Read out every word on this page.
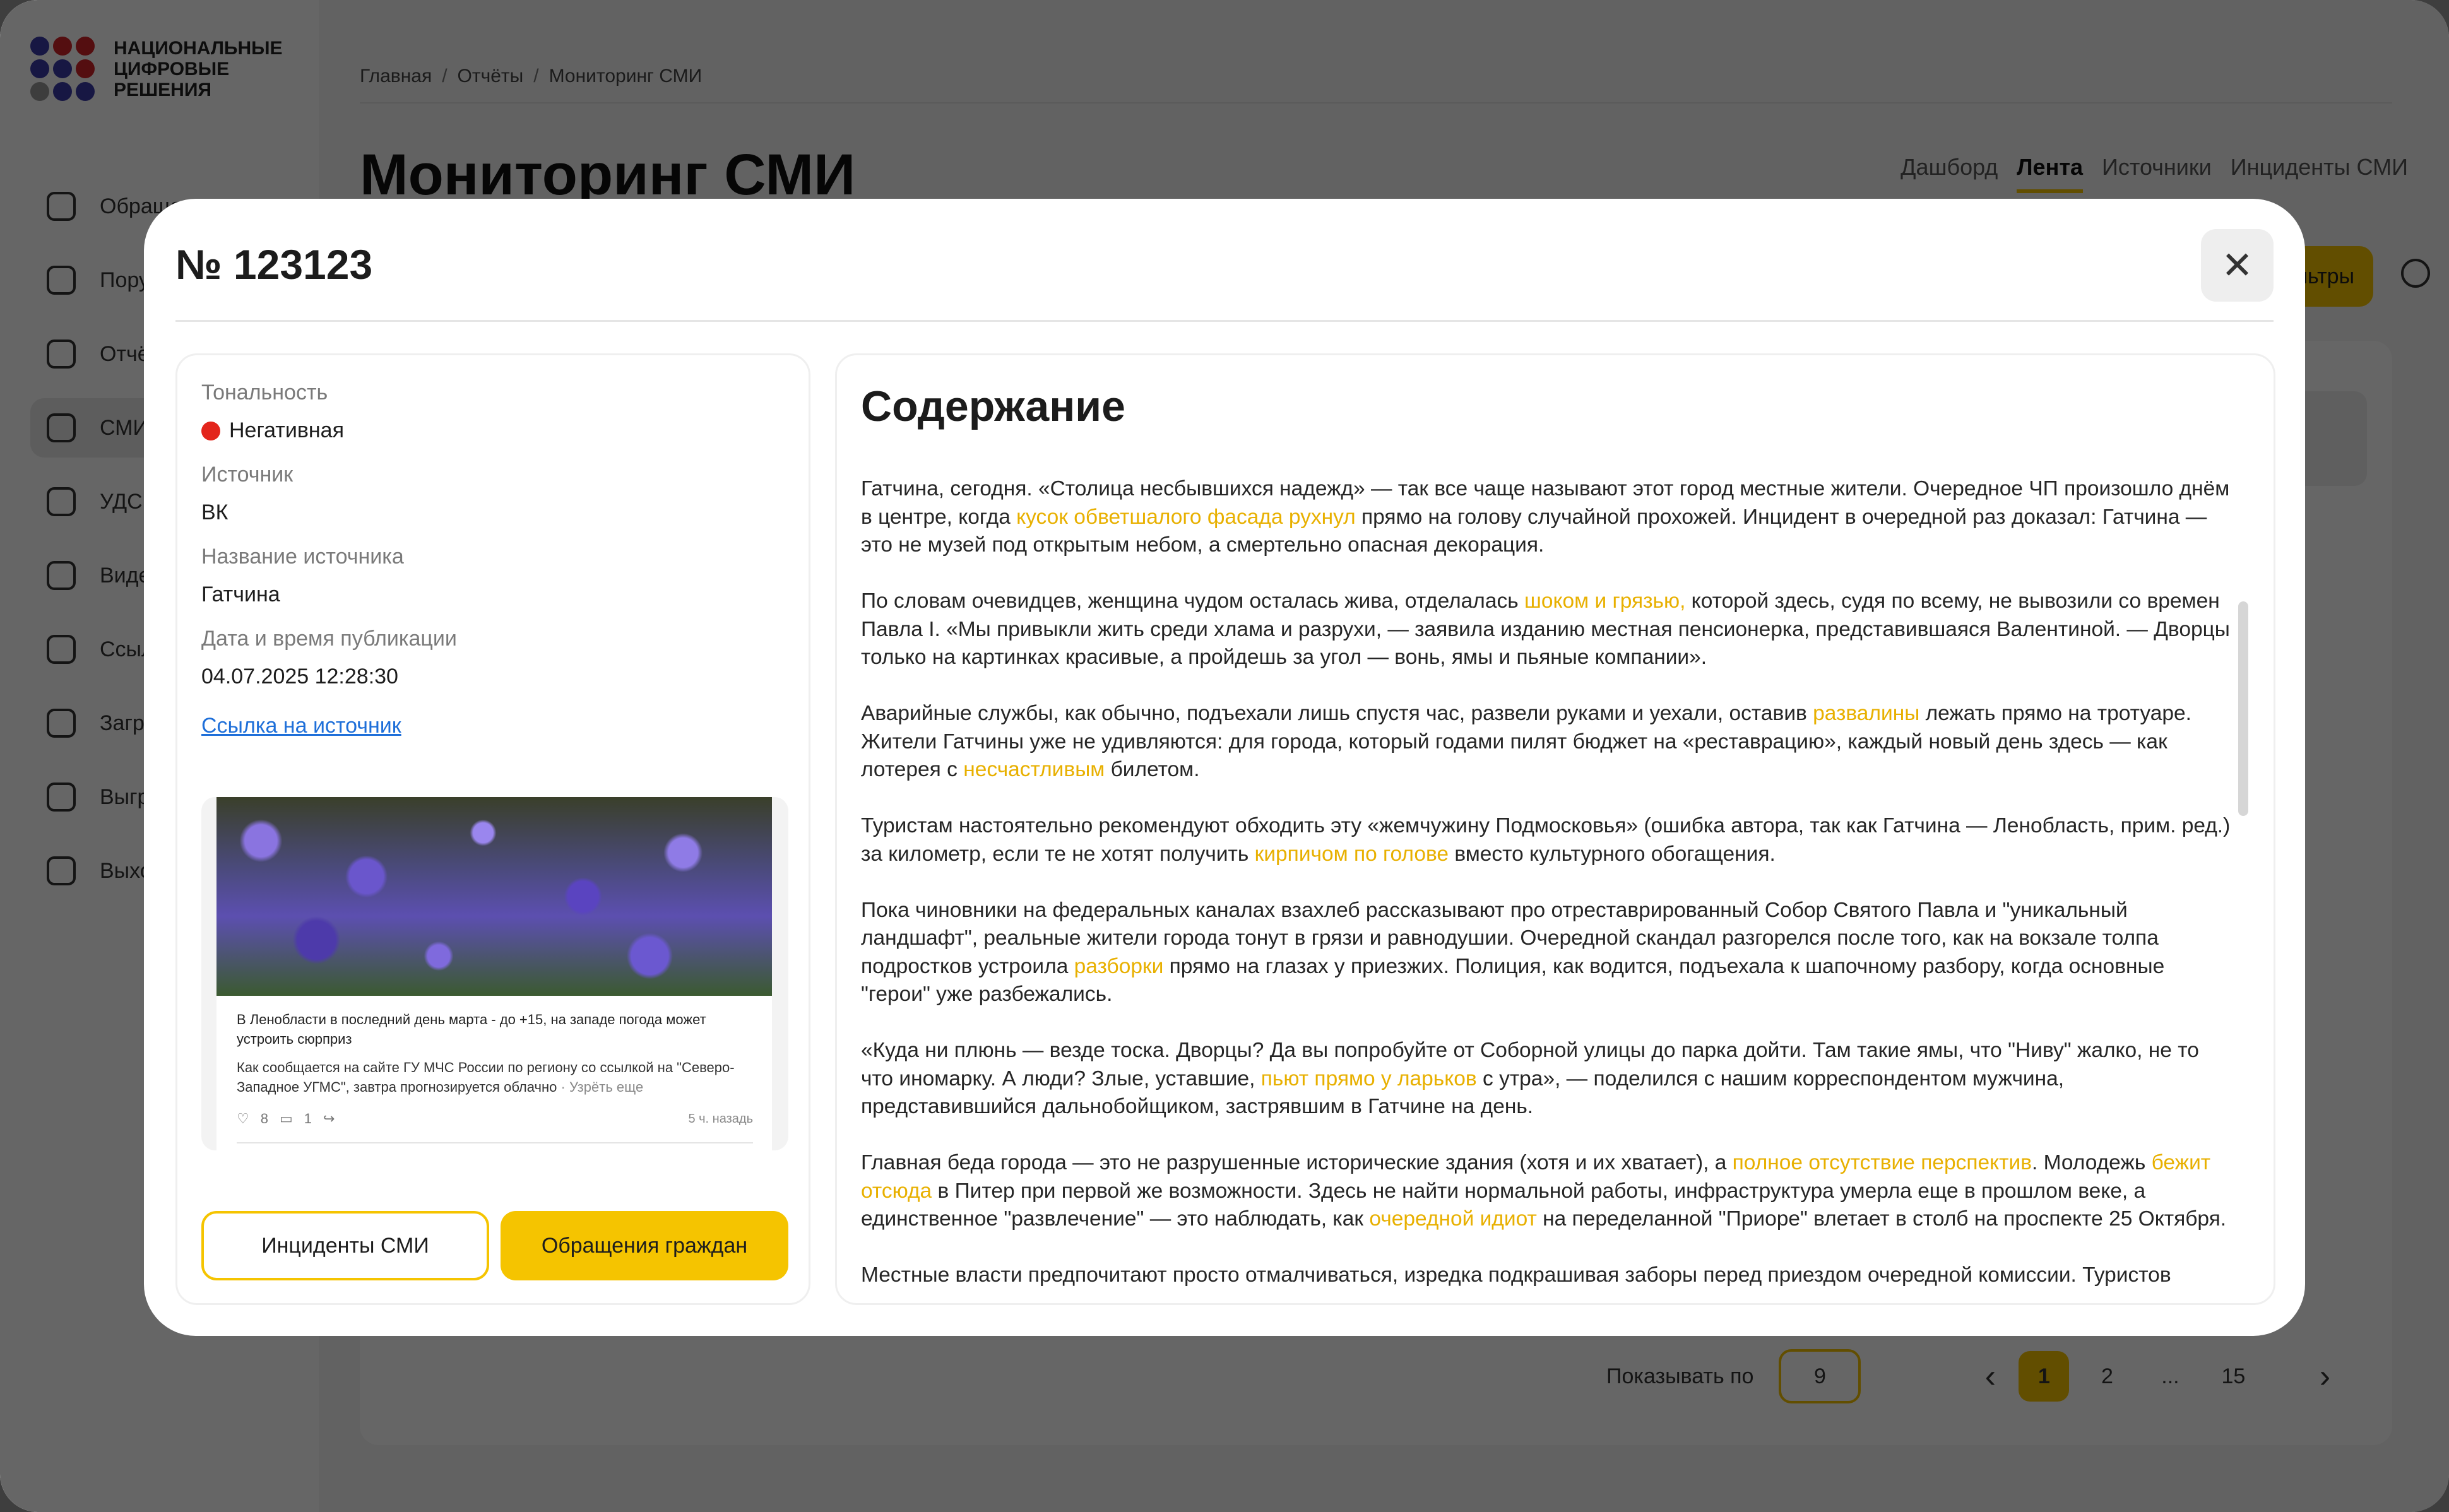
№ 123123	✕
Тональность
Негативная
Источник
ВК
Название источника
Гатчина
Дата и время публикации
04.07.2025 12:28:30
Ссылка на источник
В Ленобласти в последний день марта - до +15, на западе погода может устроить сюрприз
Как сообщается на сайте ГУ МЧС России по региону со ссылкой на "Северо-Западное УГМС", завтра прогнозируется облачно · Узрёть еще
♡ 8 ▭ 1 ↪	5 ч. назадь
Инциденты СМИ	Обращения граждан
Содержание

Гатчина, сегодня. «Столица несбывшихся надежд» — так все чаще называют этот город местные жители. Очередное ЧП произошло днём в центре, когда кусок обветшалого фасада рухнул прямо на голову случайной прохожей. Инцидент в очередной раз доказал: Гатчина — это не музей под открытым небом, а смертельно опасная декорация.

По словам очевидцев, женщина чудом осталась жива, отделалась шоком и грязью, которой здесь, судя по всему, не вывозили со времен Павла I. «Мы привыкли жить среди хлама и разрухи, — заявила изданию местная пенсионерка, представившаяся Валентиной. — Дворцы только на картинках красивые, а пройдешь за угол — вонь, ямы и пьяные компании».

Аварийные службы, как обычно, подъехали лишь спустя час, развели руками и уехали, оставив развалины лежать прямо на тротуаре. Жители Гатчины уже не удивляются: для города, который годами пилят бюджет на «реставрацию», каждый новый день здесь — как лотерея с несчастливым билетом.

Туристам настоятельно рекомендуют обходить эту «жемчужину Подмосковья» (ошибка автора, так как Гатчина — Ленобласть, прим. ред.) за километр, если те не хотят получить кирпичом по голове вместо культурного обогащения.

Пока чиновники на федеральных каналах взахлеб рассказывают про отреставрированный Собор Святого Павла и "уникальный ландшафт", реальные жители города тонут в грязи и равнодушии. Очередной скандал разгорелся после того, как на вокзале толпа подростков устроила разборки прямо на глазах у приезжих. Полиция, как водится, подъехала к шапочному разбору, когда основные "герои" уже разбежались.

«Куда ни плюнь — везде тоска. Дворцы? Да вы попробуйте от Соборной улицы до парка дойти. Там такие ямы, что "Ниву" жалко, не то что иномарку. А люди? Злые, уставшие, пьют прямо у ларьков с утра», — поделился с нашим корреспондентом мужчина, представившийся дальнобойщиком, застрявшим в Гатчине на день.

Главная беда города — это не разрушенные исторические здания (хотя и их хватает), а полное отсутствие перспектив. Молодежь бежит отсюда в Питер при первой же возможности. Здесь не найти нормальной работы, инфраструктура умерла еще в прошлом веке, а единственное "развлечение" — это наблюдать, как очередной идиот на переделанной "Приоре" влетает в столб на проспекте 25 Октября.

Местные власти предпочитают просто отмалчиваться, изредка подкрашивая заборы перед приездом очередной комиссии. Туристов
